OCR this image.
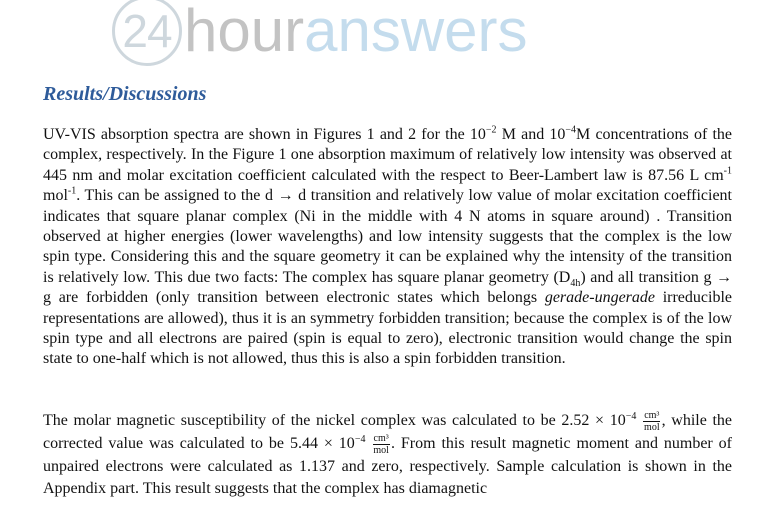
24 hour answers
Results/Discussions

UV-VIS absorption spectra are shown in Figures 1 and 2 for the $10^{-2}$ M and $10^{-4}M$ concentrations of the complex, respectively. In the Figure 1 one absorption maximum of relatively low intensity was observed at 445 nm and molar excitation coefficient calculated with the respect to Beer-Lambert law is 87.56 L $cm^{-1}$ mol$^{-1}$. This can be assigned to the d → d transition and relatively low value of molar excitation coefficient indicates that square planar complex (Ni in the middle with 4 N atoms in square around) . Transition observed at higher energies (lower wavelengths) and low intensity suggests that the complex is the low spin type. Considering this and the square geometry it can be explained why the intensity of the transition is relatively low. This due two facts: The complex has square planar geometry $(D_{4h})$ and all transition g → g are forbidden (only transition between electronic states which belongs gerade-ungerade irreducible representations are allowed), thus it is an symmetry forbidden transition; because the complex is of the low spin type and all electrons are paired (spin is equal to zero), electronic transition would change the spin state to one-half which is not allowed, thus this is also a spin forbidden transition.

The molar magnetic susceptibility of the nickel complex was calculated to be $2.52 \times 10^{-4} \frac{\text{cm³}}{\text{mol}}$ , while the corrected value was calculated to be $5.44 \times 10^{-4} \frac{\text{cm³}}{\text{mol}}$ . From this result magnetic moment and number of unpaired electrons were calculated as 1.137 and zero, respectively. Sample calculation is shown in the Appendix part. This result suggests that the complex has diamagnetic
